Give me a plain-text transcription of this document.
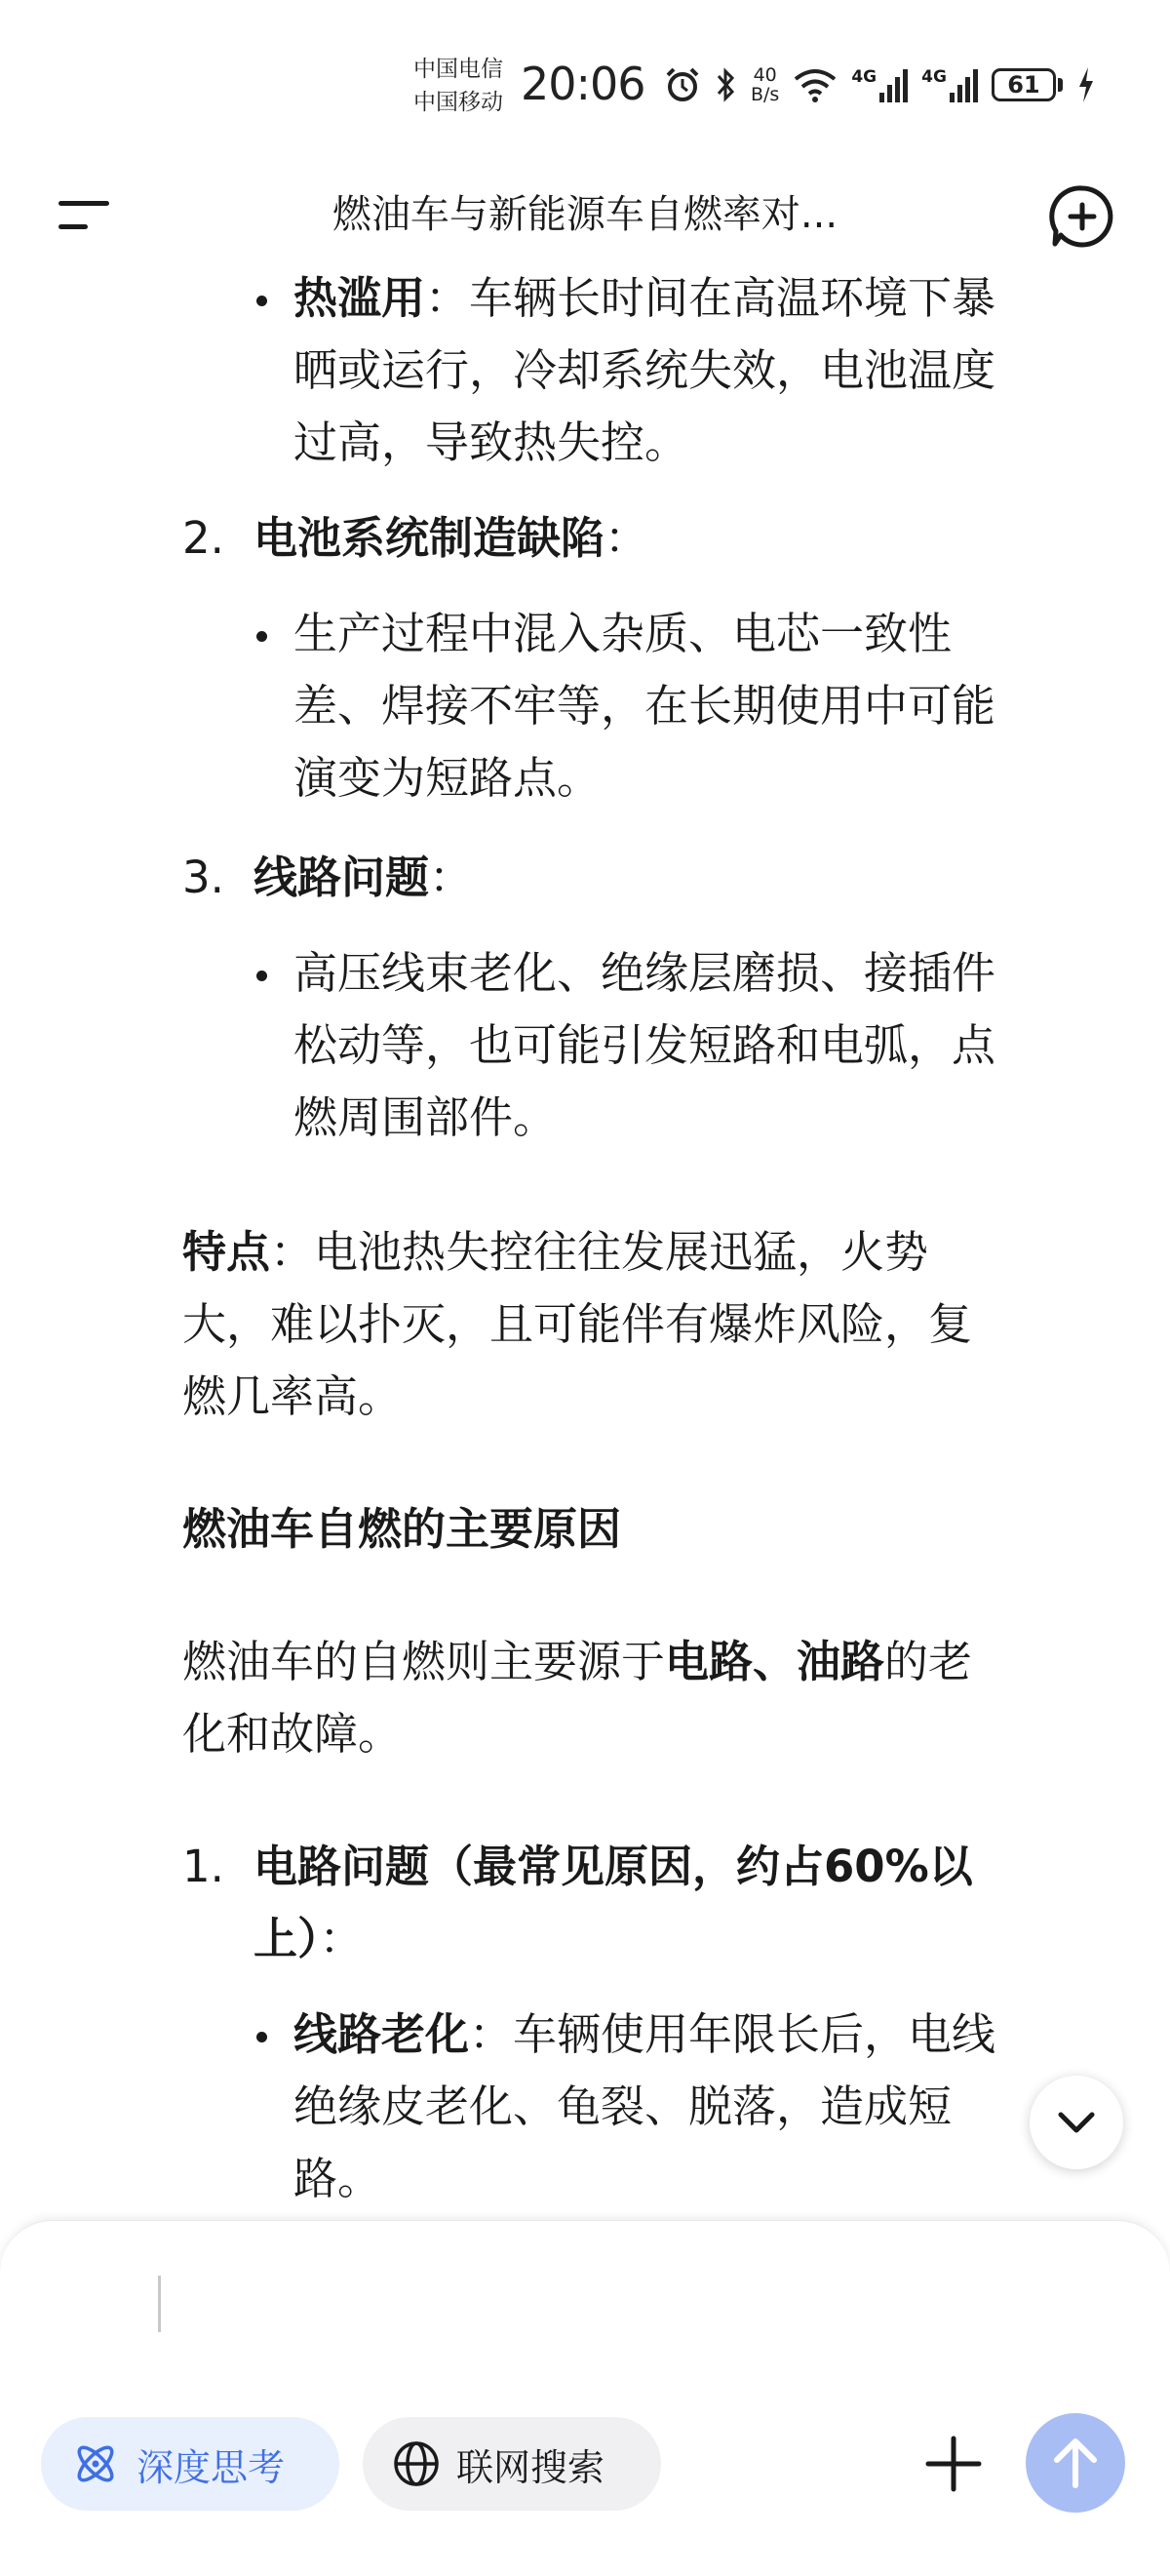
中国电信
中国移动 20:06	40
B/s
4G	4G	61
燃油车与新能源车自燃率对...
热滥用：车辆长时间在高温环境下暴
晒或运行，冷却系统失效，电池温度
过高，导致热失控。
2. 电池系统制造缺陷：
生产过程中混入杂质、电芯一致性
差、焊接不牢等，在长期使用中可能
演变为短路点。
3. 线路问题：
高压线束老化、绝缘层磨损、接插件
松动等，也可能引发短路和电弧，点
燃周围部件。
特点：电池热失控往往发展迅猛，火势
大，难以扑灭，且可能伴有爆炸风险，复
燃几率高。
燃油车自燃的主要原因
燃油车的自燃则主要源于电路、油路的老
化和故障。
1. 电路问题（最常见原因，约占60%以
上）：
线路老化：车辆使用年限长后，电线
绝缘皮老化、龟裂、脱落，造成短
路。
深度思考	联网搜索
